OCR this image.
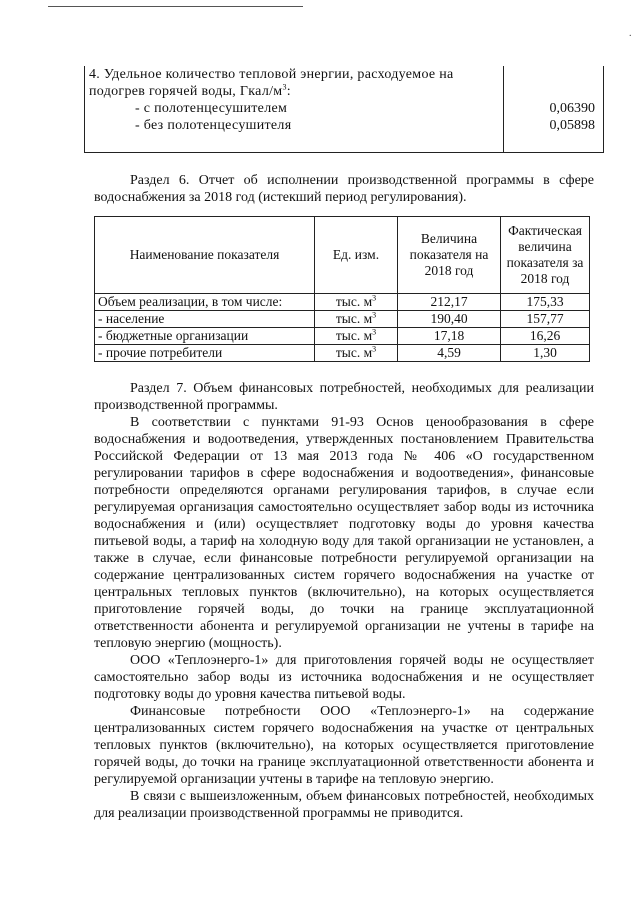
.
4. Удельное количество тепловой энергии, расходуемое на подогрев горячей воды, Гкал/$м^3$:	

- с полотенцесушителем	0,06390

- без полотенцесушителя	0,05898

Раздел 6. Отчет об исполнении производственной программы в сфере водоснабжения за 2018 год (истекший период регулирования).

Наименование показателя	Ед. изм.	Величина показателя на 2018 год	Фактическая величина показателя за 2018 год
Объем реализации, в том числе:	тыс. $м^3$	212,17	175,33
- население	тыс. $м^3$	190,40	157,77
- бюджетные организации	тыс. $м^3$	17,18	16,26
- прочие потребители	тыс. $м^3$	4,59	1,30

Раздел 7. Объем финансовых потребностей, необходимых для реализации производственной программы.

В соответствии с пунктами 91-93 Основ ценообразования в сфере водоснабжения и водоотведения, утвержденных постановлением Правительства Российской Федерации от 13 мая 2013 года № 406 «О государственном регулировании тарифов в сфере водоснабжения и водоотведения», финансовые потребности определяются органами регулирования тарифов, в случае если регулируемая организация самостоятельно осуществляет забор воды из источника водоснабжения и (или) осуществляет подготовку воды до уровня качества питьевой воды, а тариф на холодную воду для такой организации не установлен, а также в случае, если финансовые потребности регулируемой организации на содержание централизованных систем горячего водоснабжения на участке от центральных тепловых пунктов (включительно), на которых осуществляется приготовление горячей воды, до точки на границе эксплуатационной ответственности абонента и регулируемой организации не учтены в тарифе на тепловую энергию (мощность).

ООО «Теплоэнерго-1» для приготовления горячей воды не осуществляет самостоятельно забор воды из источника водоснабжения и не осуществляет подготовку воды до уровня качества питьевой воды.

Финансовые потребности ООО «Теплоэнерго-1» на содержание централизованных систем горячего водоснабжения на участке от центральных тепловых пунктов (включительно), на которых осуществляется приготовление горячей воды, до точки на границе эксплуатационной ответственности абонента и регулируемой организации учтены в тарифе на тепловую энергию.

В связи с вышеизложенным, объем финансовых потребностей, необходимых для реализации производственной программы не приводится.
